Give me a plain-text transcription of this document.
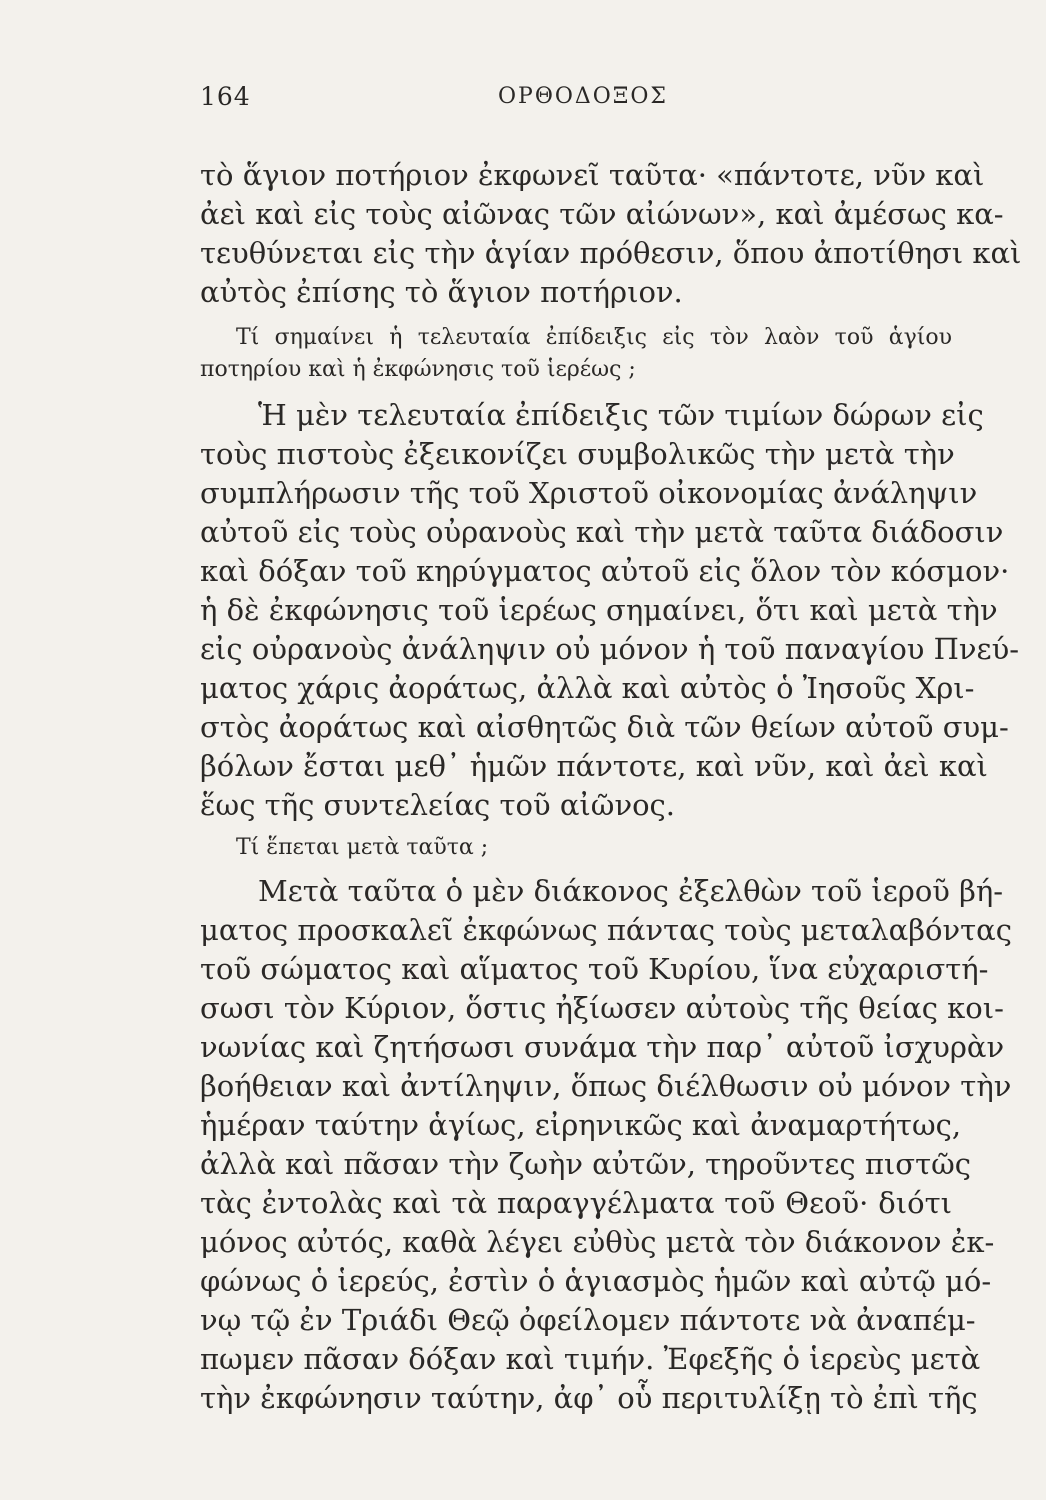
164	ΟΡΘΟΔΟΞΟΣ
τὸ ἅγιον ποτήριον ἐκφωνεῖ ταῦτα· «πάντοτε, νῦν καὶ
ἀεὶ καὶ εἰς τοὺς αἰῶνας τῶν αἰώνων», καὶ ἀμέσως κα-
τευθύνεται εἰς τὴν ἁγίαν πρόθεσιν, ὅπου ἀποτίθησι καὶ
αὐτὸς ἐπίσης τὸ ἅγιον ποτήριον.
Τί σημαίνει ἡ τελευταία ἐπίδειξις εἰς τὸν λαὸν τοῦ ἁγίου
ποτηρίου καὶ ἡ ἐκφώνησις τοῦ ἱερέως ;
Ἡ μὲν τελευταία ἐπίδειξις τῶν τιμίων δώρων εἰς
τοὺς πιστοὺς ἐξεικονίζει συμβολικῶς τὴν μετὰ τὴν
συμπλήρωσιν τῆς τοῦ Χριστοῦ οἰκονομίας ἀνάληψιν
αὐτοῦ εἰς τοὺς οὐρανοὺς καὶ τὴν μετὰ ταῦτα διάδοσιν
καὶ δόξαν τοῦ κηρύγματος αὐτοῦ εἰς ὅλον τὸν κόσμον·
ἡ δὲ ἐκφώνησις τοῦ ἱερέως σημαίνει, ὅτι καὶ μετὰ τὴν
εἰς οὐρανοὺς ἀνάληψιν οὐ μόνον ἡ τοῦ παναγίου Πνεύ-
ματος χάρις ἀοράτως, ἀλλὰ καὶ αὐτὸς ὁ Ἰησοῦς Χρι-
στὸς ἀοράτως καὶ αἰσθητῶς διὰ τῶν θείων αὐτοῦ συμ-
βόλων ἔσται μεθ᾽ ἡμῶν πάντοτε, καὶ νῦν, καὶ ἀεὶ καὶ
ἕως τῆς συντελείας τοῦ αἰῶνος.
Τί ἕπεται μετὰ ταῦτα ;
Μετὰ ταῦτα ὁ μὲν διάκονος ἐξελθὼν τοῦ ἱεροῦ βή-
ματος προσκαλεῖ ἐκφώνως πάντας τοὺς μεταλαβόντας
τοῦ σώματος καὶ αἵματος τοῦ Κυρίου, ἵνα εὐχαριστή-
σωσι τὸν Κύριον, ὅστις ἠξίωσεν αὐτοὺς τῆς θείας κοι-
νωνίας καὶ ζητήσωσι συνάμα τὴν παρ᾽ αὐτοῦ ἰσχυρὰν
βοήθειαν καὶ ἀντίληψιν, ὅπως διέλθωσιν οὐ μόνον τὴν
ἡμέραν ταύτην ἁγίως, εἰρηνικῶς καὶ ἀναμαρτήτως,
ἀλλὰ καὶ πᾶσαν τὴν ζωὴν αὐτῶν, τηροῦντες πιστῶς
τὰς ἐντολὰς καὶ τὰ παραγγέλματα τοῦ Θεοῦ· διότι
μόνος αὐτός, καθὰ λέγει εὐθὺς μετὰ τὸν διάκονον ἐκ-
φώνως ὁ ἱερεύς, ἐστὶν ὁ ἁγιασμὸς ἡμῶν καὶ αὐτῷ μό-
νῳ τῷ ἐν Τριάδι Θεῷ ὀφείλομεν πάντοτε νὰ ἀναπέμ-
πωμεν πᾶσαν δόξαν καὶ τιμήν. Ἐφεξῆς ὁ ἱερεὺς μετὰ
τὴν ἐκφώνησιν ταύτην, ἀφ᾽ οὗ περιτυλίξῃ τὸ ἐπὶ τῆς
